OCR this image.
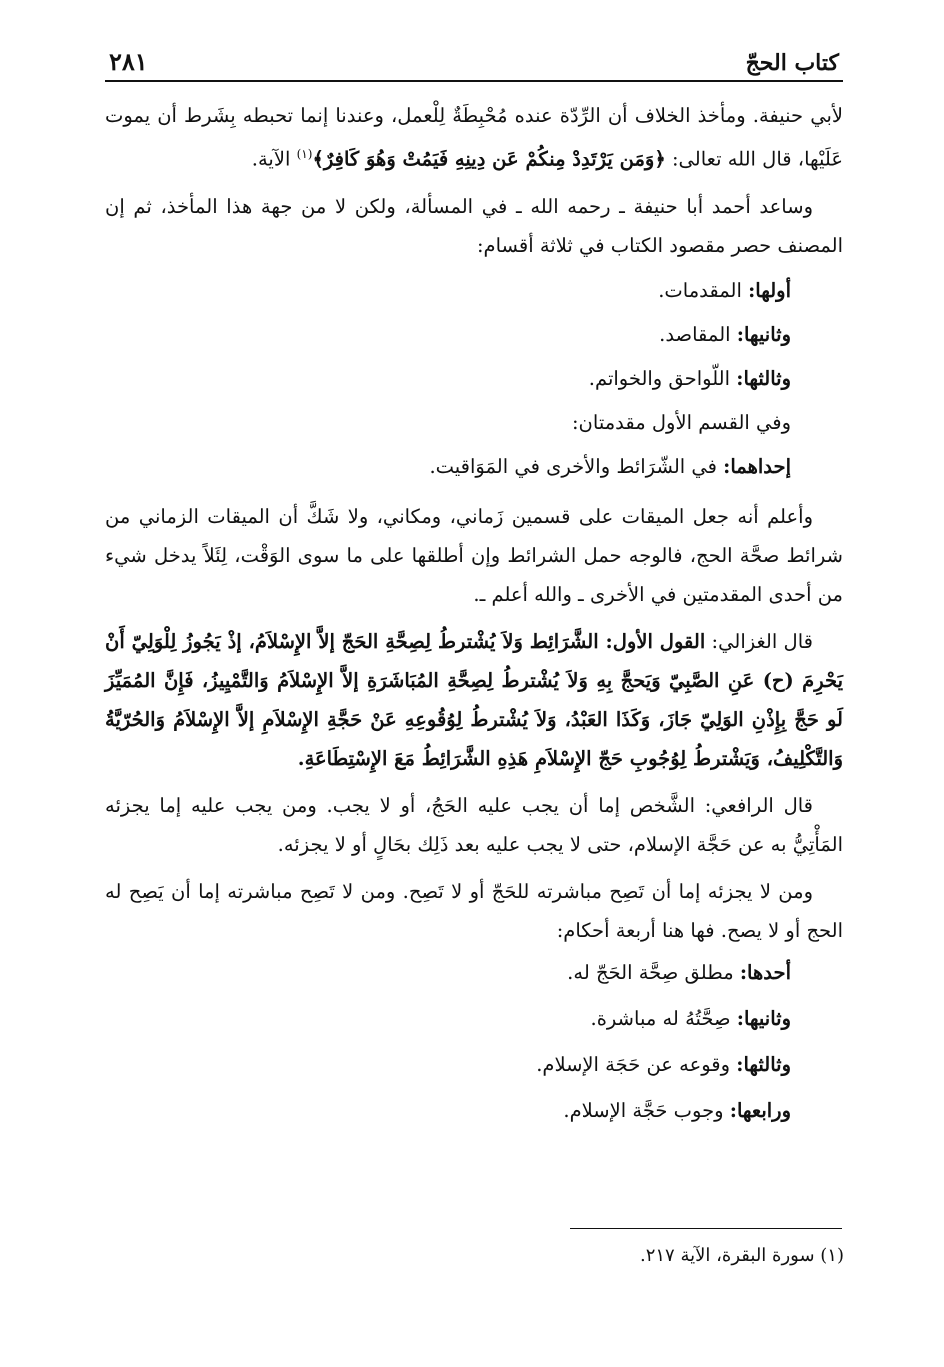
كتاب الحجّ
٢٨١

لأبي حنيفة. ومأخذ الخلاف أن الرِّدّة عنده مُحْبِطَةٌ لِلْعمل، وعندنا إنما تحبطه بِشَرط أن يموت عَلَيْها، قال الله تعالى: ﴿وَمَن يَرْتَدِدْ مِنكُمْ عَن دِينِهِ فَيَمُتْ وَهُوَ كَافِرٌ﴾$^{(١)}$ الآية.

وساعد أحمد أبا حنيفة ـ رحمه الله ـ في المسألة، ولكن لا من جهة هذا المأخذ، ثم إن المصنف حصر مقصود الكتاب في ثلاثة أقسام:

أولها: المقدمات.
وثانيها: المقاصد.
وثالثها: اللّواحق والخواتم.
وفي القسم الأول مقدمتان:
إحداهما: في الشّرَائط والأخرى في المَوَاقيت.

وأعلم أنه جعل الميقات على قسمين زَماني، ومكاني، ولا شَكَّ أن الميقات الزماني من شرائط صحَّة الحج، فالوجه حمل الشرائط وإن أطلقها على ما سوى الوَقْت، لِئَلاً يدخل شيء من أحدى المقدمتين في الأخرى ـ والله أعلم ـ.

قال الغزالي: القول الأول: الشَّرَائِط وَلاَ يُشْترطُ لِصِحَّةِ الحَجّ إلاَّ الإِسْلاَمُ، إذْ يَجُوزُ لِلْوَلِيّ أَنْ يَحْرِمَ (ح) عَنِ الصَّبِيّ وَيَحجَّ بِهِ وَلاَ يُشْترطُ لِصِحَّةِ المُبَاشَرَةِ إلاَّ الإِسْلاَمُ وَالتَّمْيِيزُ، فَإِنَّ المُمَيِّزَ لَو حَجَّ بِإِذْنِ الوَلِيّ جَازَ، وَكَذَا العَبْدُ، وَلاَ يُشْترطُ لِوُقُوعِهِ عَنْ حَجَّةِ الإِسْلاَمِ إلاَّ الإِسْلاَمُ وَالحُرّيَّةُ وَالتَّكْلِيفُ، وَيَشْترطُ لِوُجُوبِ حَجّ الإِسْلاَمِ هَذِهِ الشَّرَائِطُ مَعَ الإِسْتِطَاعَةِ.

قال الرافعي: الشَّخص إما أن يجب عليه الحَجُ، أو لا يجب. ومن يجب عليه إما يجزئه المَأْتِيُّ به عن حَجَّة الإسلام، حتى لا يجب عليه بعد ذَلِك بحَالٍ أو لا يجزئه.

ومن لا يجزئه إما أن تَصِح مباشرته للحَجّ أو لا تَصِح. ومن لا تَصِح مباشرته إما أن يَصِح له الحج أو لا يصح. فها هنا أربعة أحكام:

أحدها: مطلق صِحَّة الحَجّ له.
وثانيها: صِحَّتُهُ له مباشرة.
وثالثها: وقوعه عن حَجَة الإسلام.
ورابعها: وجوب حَجَّة الإسلام.
(١) سورة البقرة، الآية ٢١٧.
